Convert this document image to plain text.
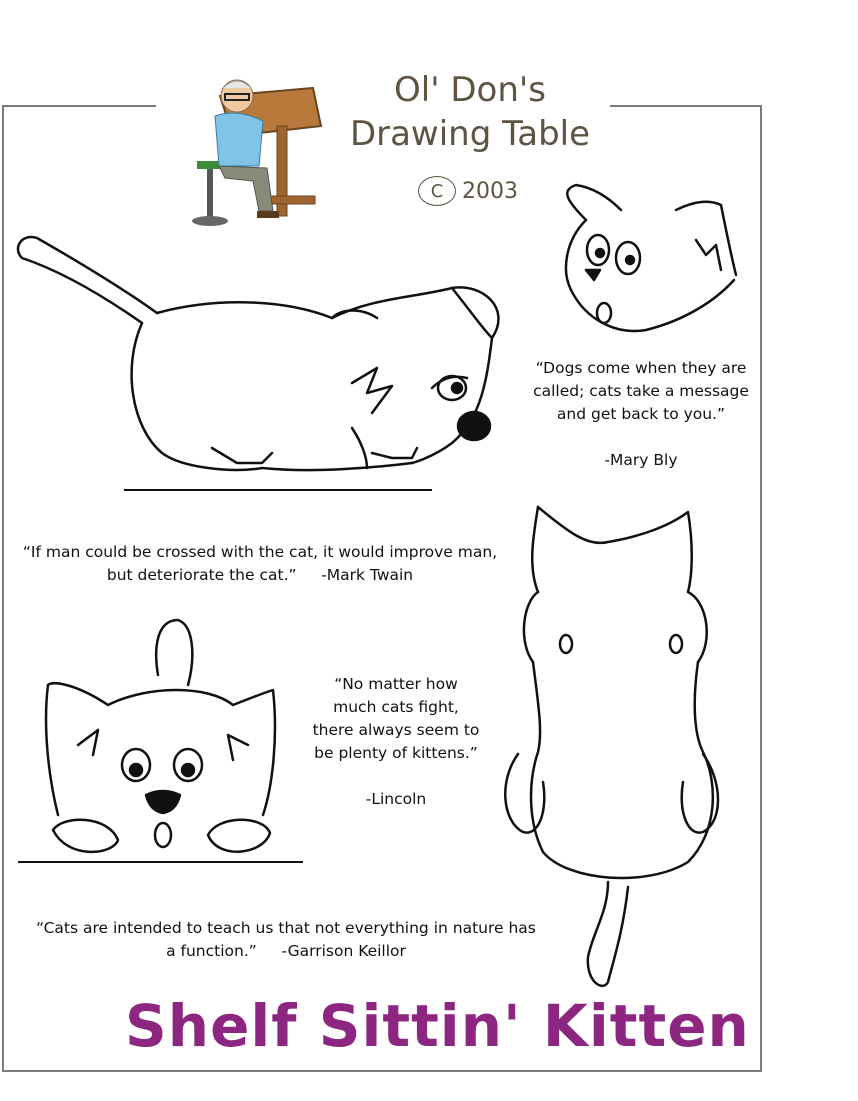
Ol' Don's
Drawing Table
C 2003
“Dogs come when they are called; cats take a message and get back to you.”
-Mary Bly
“If man could be crossed with the cat, it would improve man, but deteriorate the cat.” -Mark Twain
“No matter how much cats fight, there always seem to be plenty of kittens.”
-Lincoln
“Cats are intended to teach us that not everything in nature has a function.” -Garrison Keillor
Shelf Sittin' Kitten
